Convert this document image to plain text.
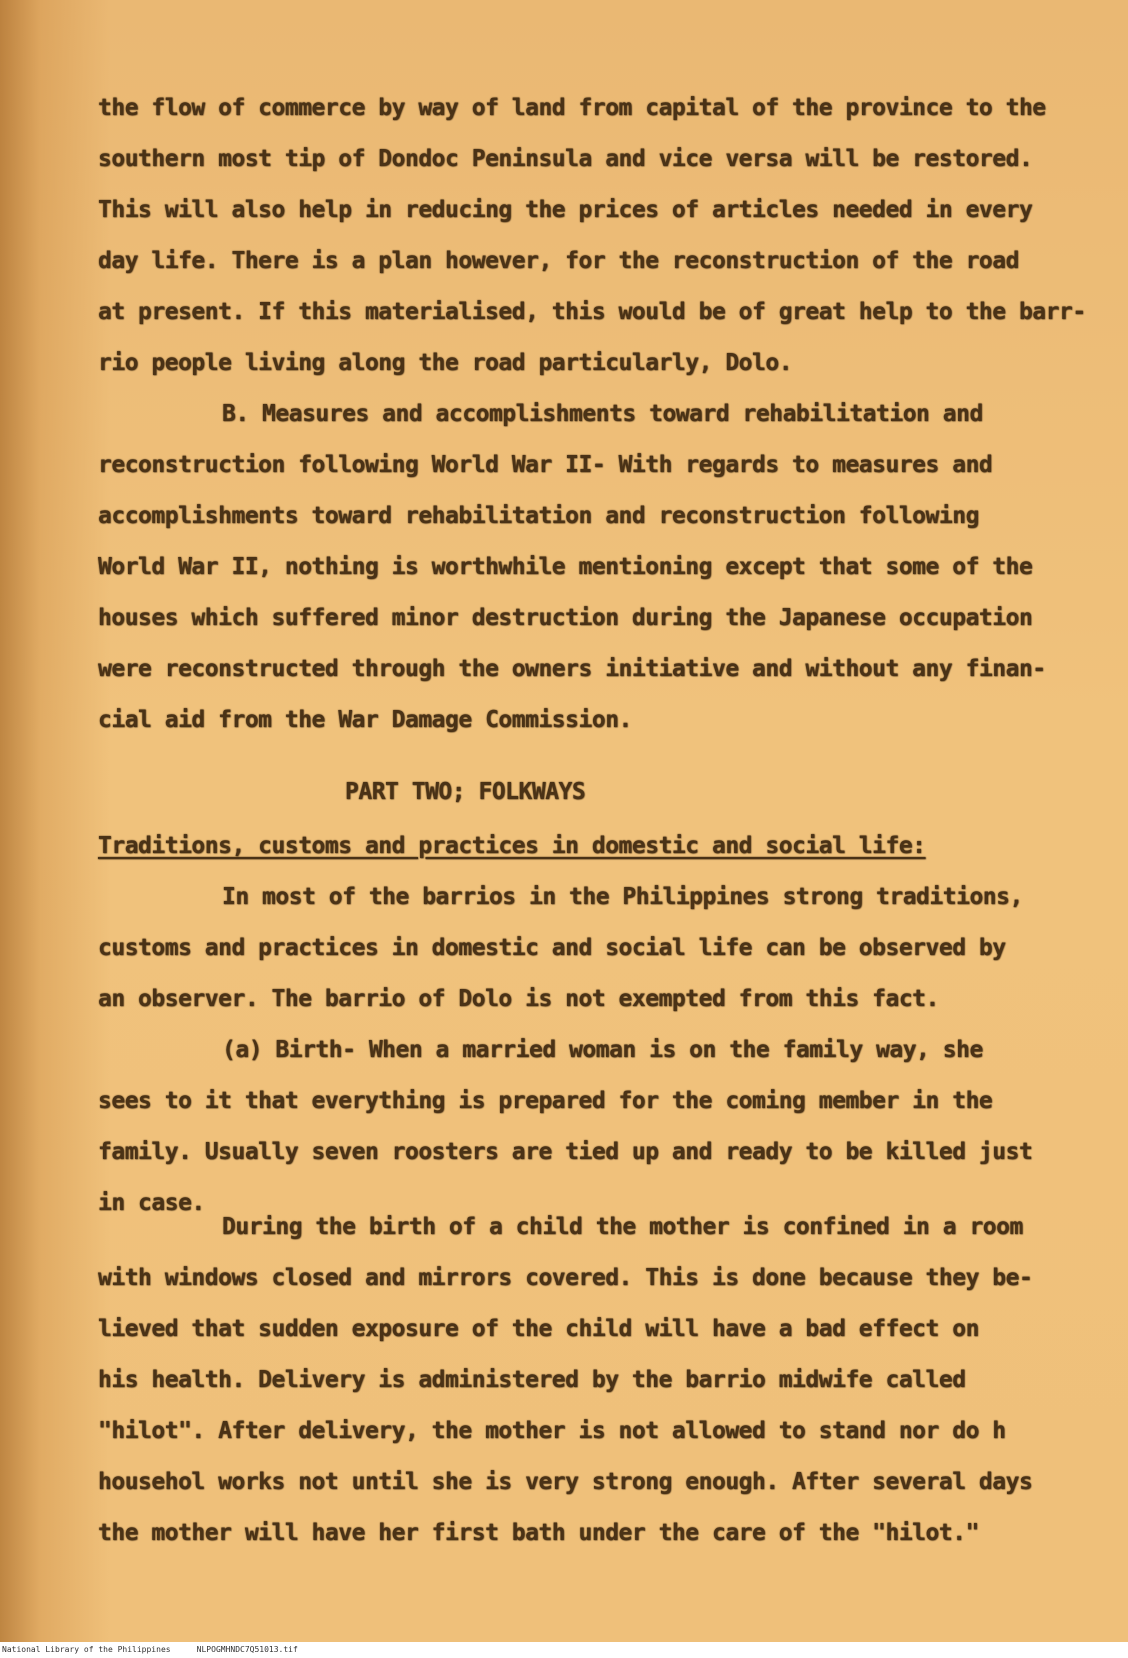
the flow of commerce by way of land from capital of the province to the
southern most tip of Dondoc Peninsula and vice versa will be restored.
This will also help in reducing the prices of articles needed in every
day life. There is a plan however, for the reconstruction of the road
at present. If this materialised, this would be of great help to the barr-
rio people living along the road particularly, Dolo.
B. Measures and accomplishments toward rehabilitation and
reconstruction following World War II- With regards to measures and
accomplishments toward rehabilitation and reconstruction following
World War II, nothing is worthwhile mentioning except that some of the
houses which suffered minor destruction during the Japanese occupation
were reconstructed through the owners initiative and without any finan-
cial aid from the War Damage Commission.
PART TWO; FOLKWAYS
Traditions, customs and practices in domestic and social life:
In most of the barrios in the Philippines strong traditions,
customs and practices in domestic and social life can be observed by
an observer. The barrio of Dolo is not exempted from this fact.
(a) Birth- When a married woman is on the family way, she
sees to it that everything is prepared for the coming member in the
family. Usually seven roosters are tied up and ready to be killed just
in case.
During the birth of a child the mother is confined in a room
with windows closed and mirrors covered. This is done because they be-
lieved that sudden exposure of the child will have a bad effect on
his health. Delivery is administered by the barrio midwife called
"hilot". After delivery, the mother is not allowed to stand nor do h
househol works not until she is very strong enough. After several days
the mother will have her first bath under the care of the "hilot."
National Library of the Philippines	NLPOGMHNDC7Q51013.tif
